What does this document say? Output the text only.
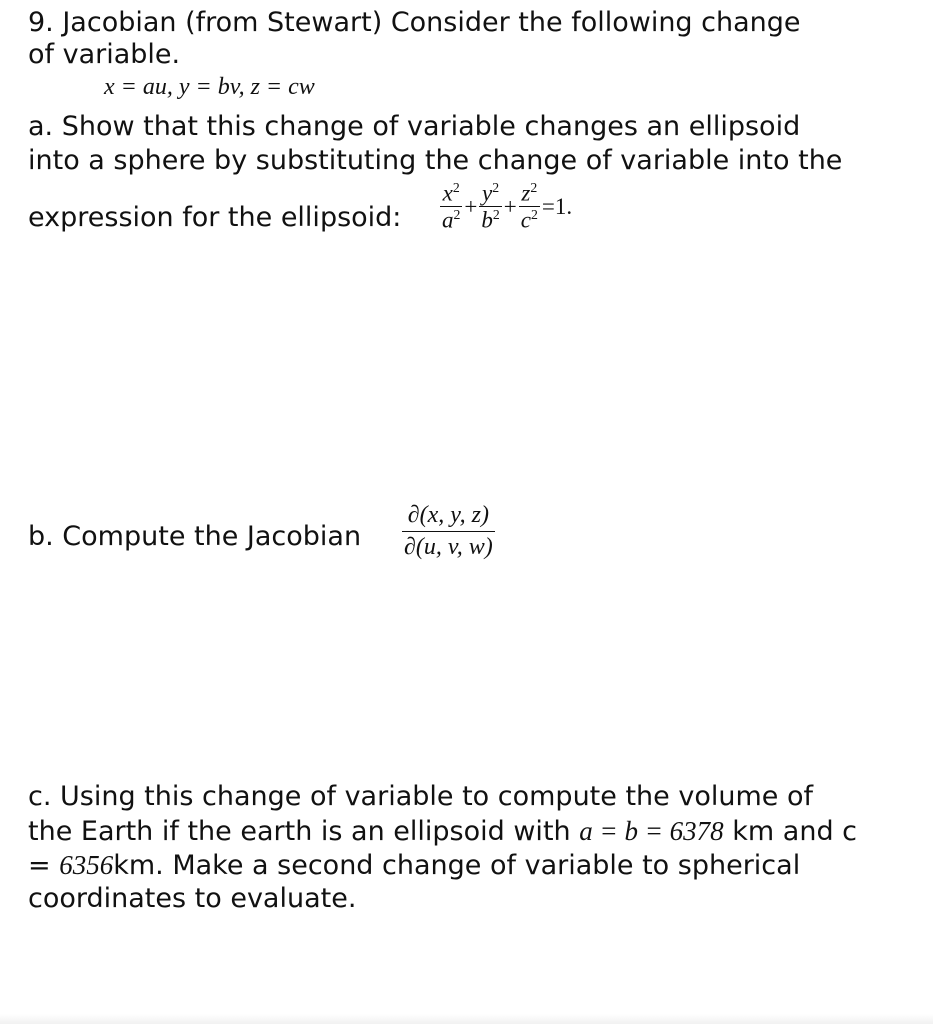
9. Jacobian (from Stewart) Consider the following change
of variable.
x = au, y = bv, z = cw
a. Show that this change of variable changes an ellipsoid
into a sphere by substituting the change of variable into the
expression for the ellipsoid: $\frac{x^2}{a^2} + \frac{y^2}{b^2} + \frac{z^2}{c^2} =1$.
b. Compute the Jacobian $\frac{\partial(x, y, z)}{\partial(u, v, w)}$
c. Using this change of variable to compute the volume of
the Earth if the earth is an ellipsoid with a = b = 6378 km and c
= 6356km. Make a second change of variable to spherical
coordinates to evaluate.
